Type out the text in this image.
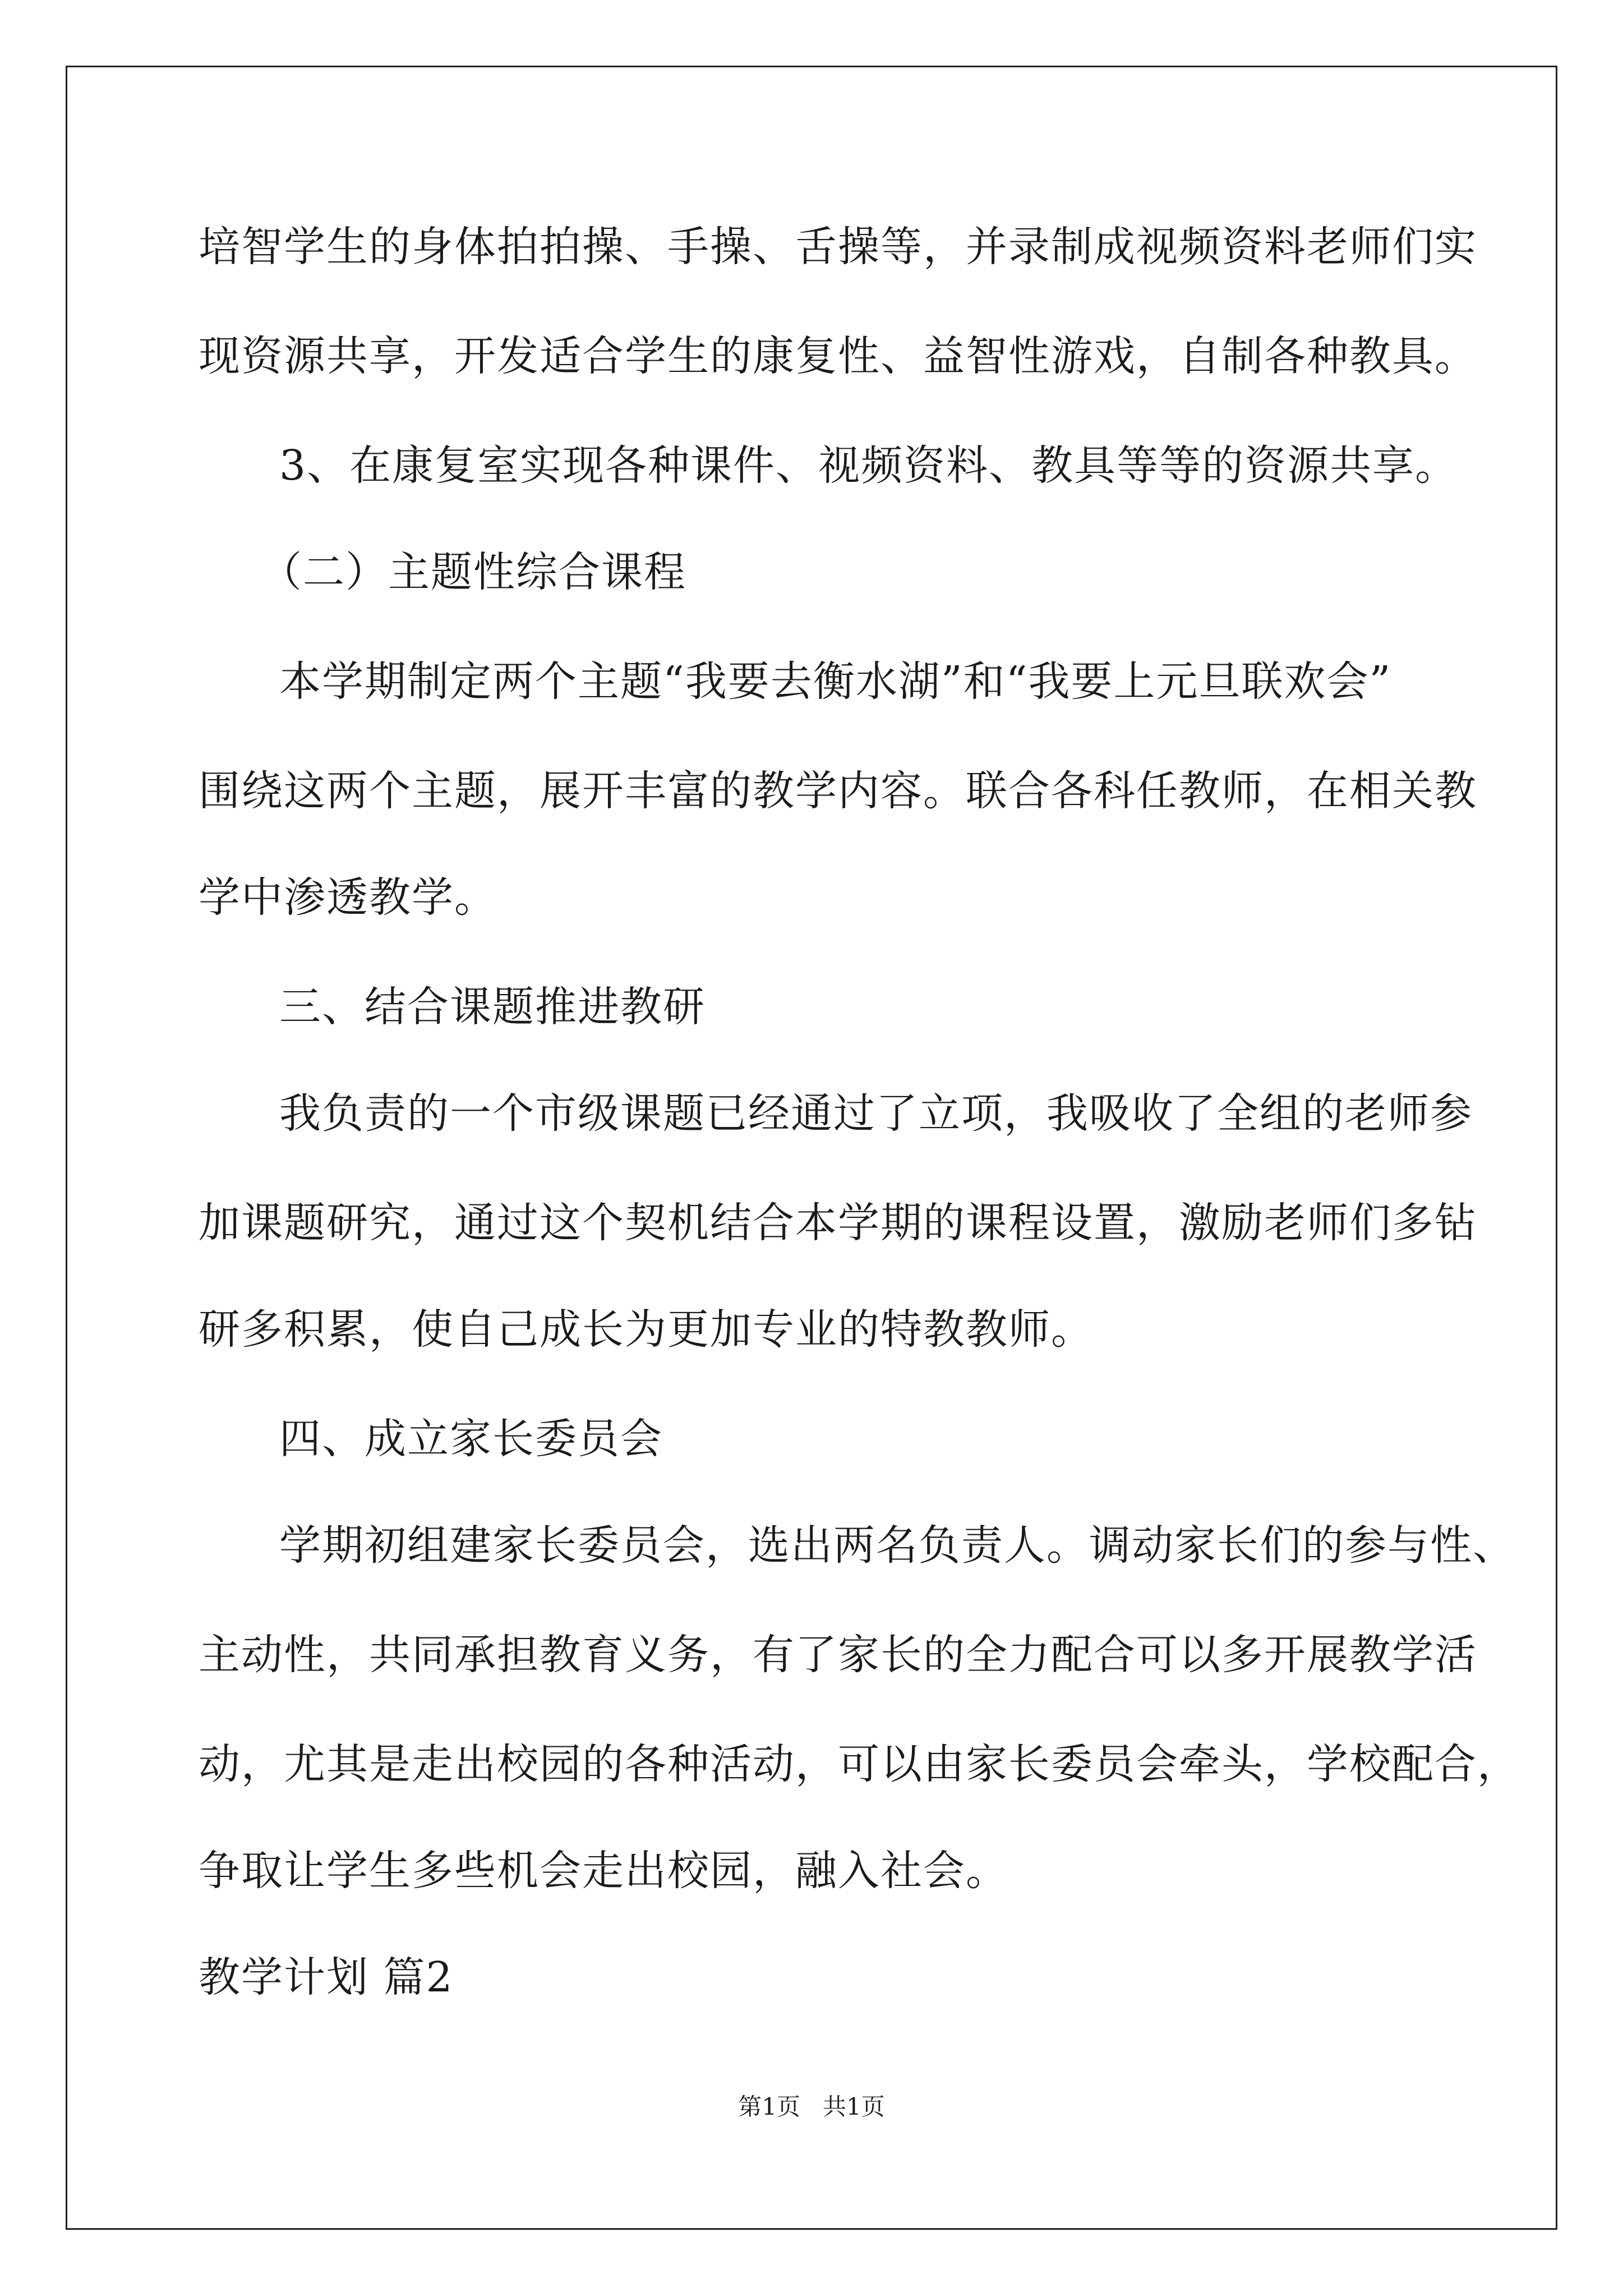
培智学生的身体拍拍操、手操、舌操等，并录制成视频资料老师们实
现资源共享，开发适合学生的康复性、益智性游戏，自制各种教具。
3、在康复室实现各种课件、视频资料、教具等等的资源共享。
（二）主题性综合课程
本学期制定两个主题“我要去衡水湖”和“我要上元旦联欢会”
围绕这两个主题，展开丰富的教学内容。联合各科任教师，在相关教
学中渗透教学。
三、结合课题推进教研
我负责的一个市级课题已经通过了立项，我吸收了全组的老师参
加课题研究，通过这个契机结合本学期的课程设置，激励老师们多钻
研多积累，使自己成长为更加专业的特教教师。
四、成立家长委员会
学期初组建家长委员会，选出两名负责人。调动家长们的参与性、
主动性，共同承担教育义务，有了家长的全力配合可以多开展教学活
动，尤其是走出校园的各种活动，可以由家长委员会牵头，学校配合，
争取让学生多些机会走出校园，融入社会。
教学计划 篇2
第1页   共1页
